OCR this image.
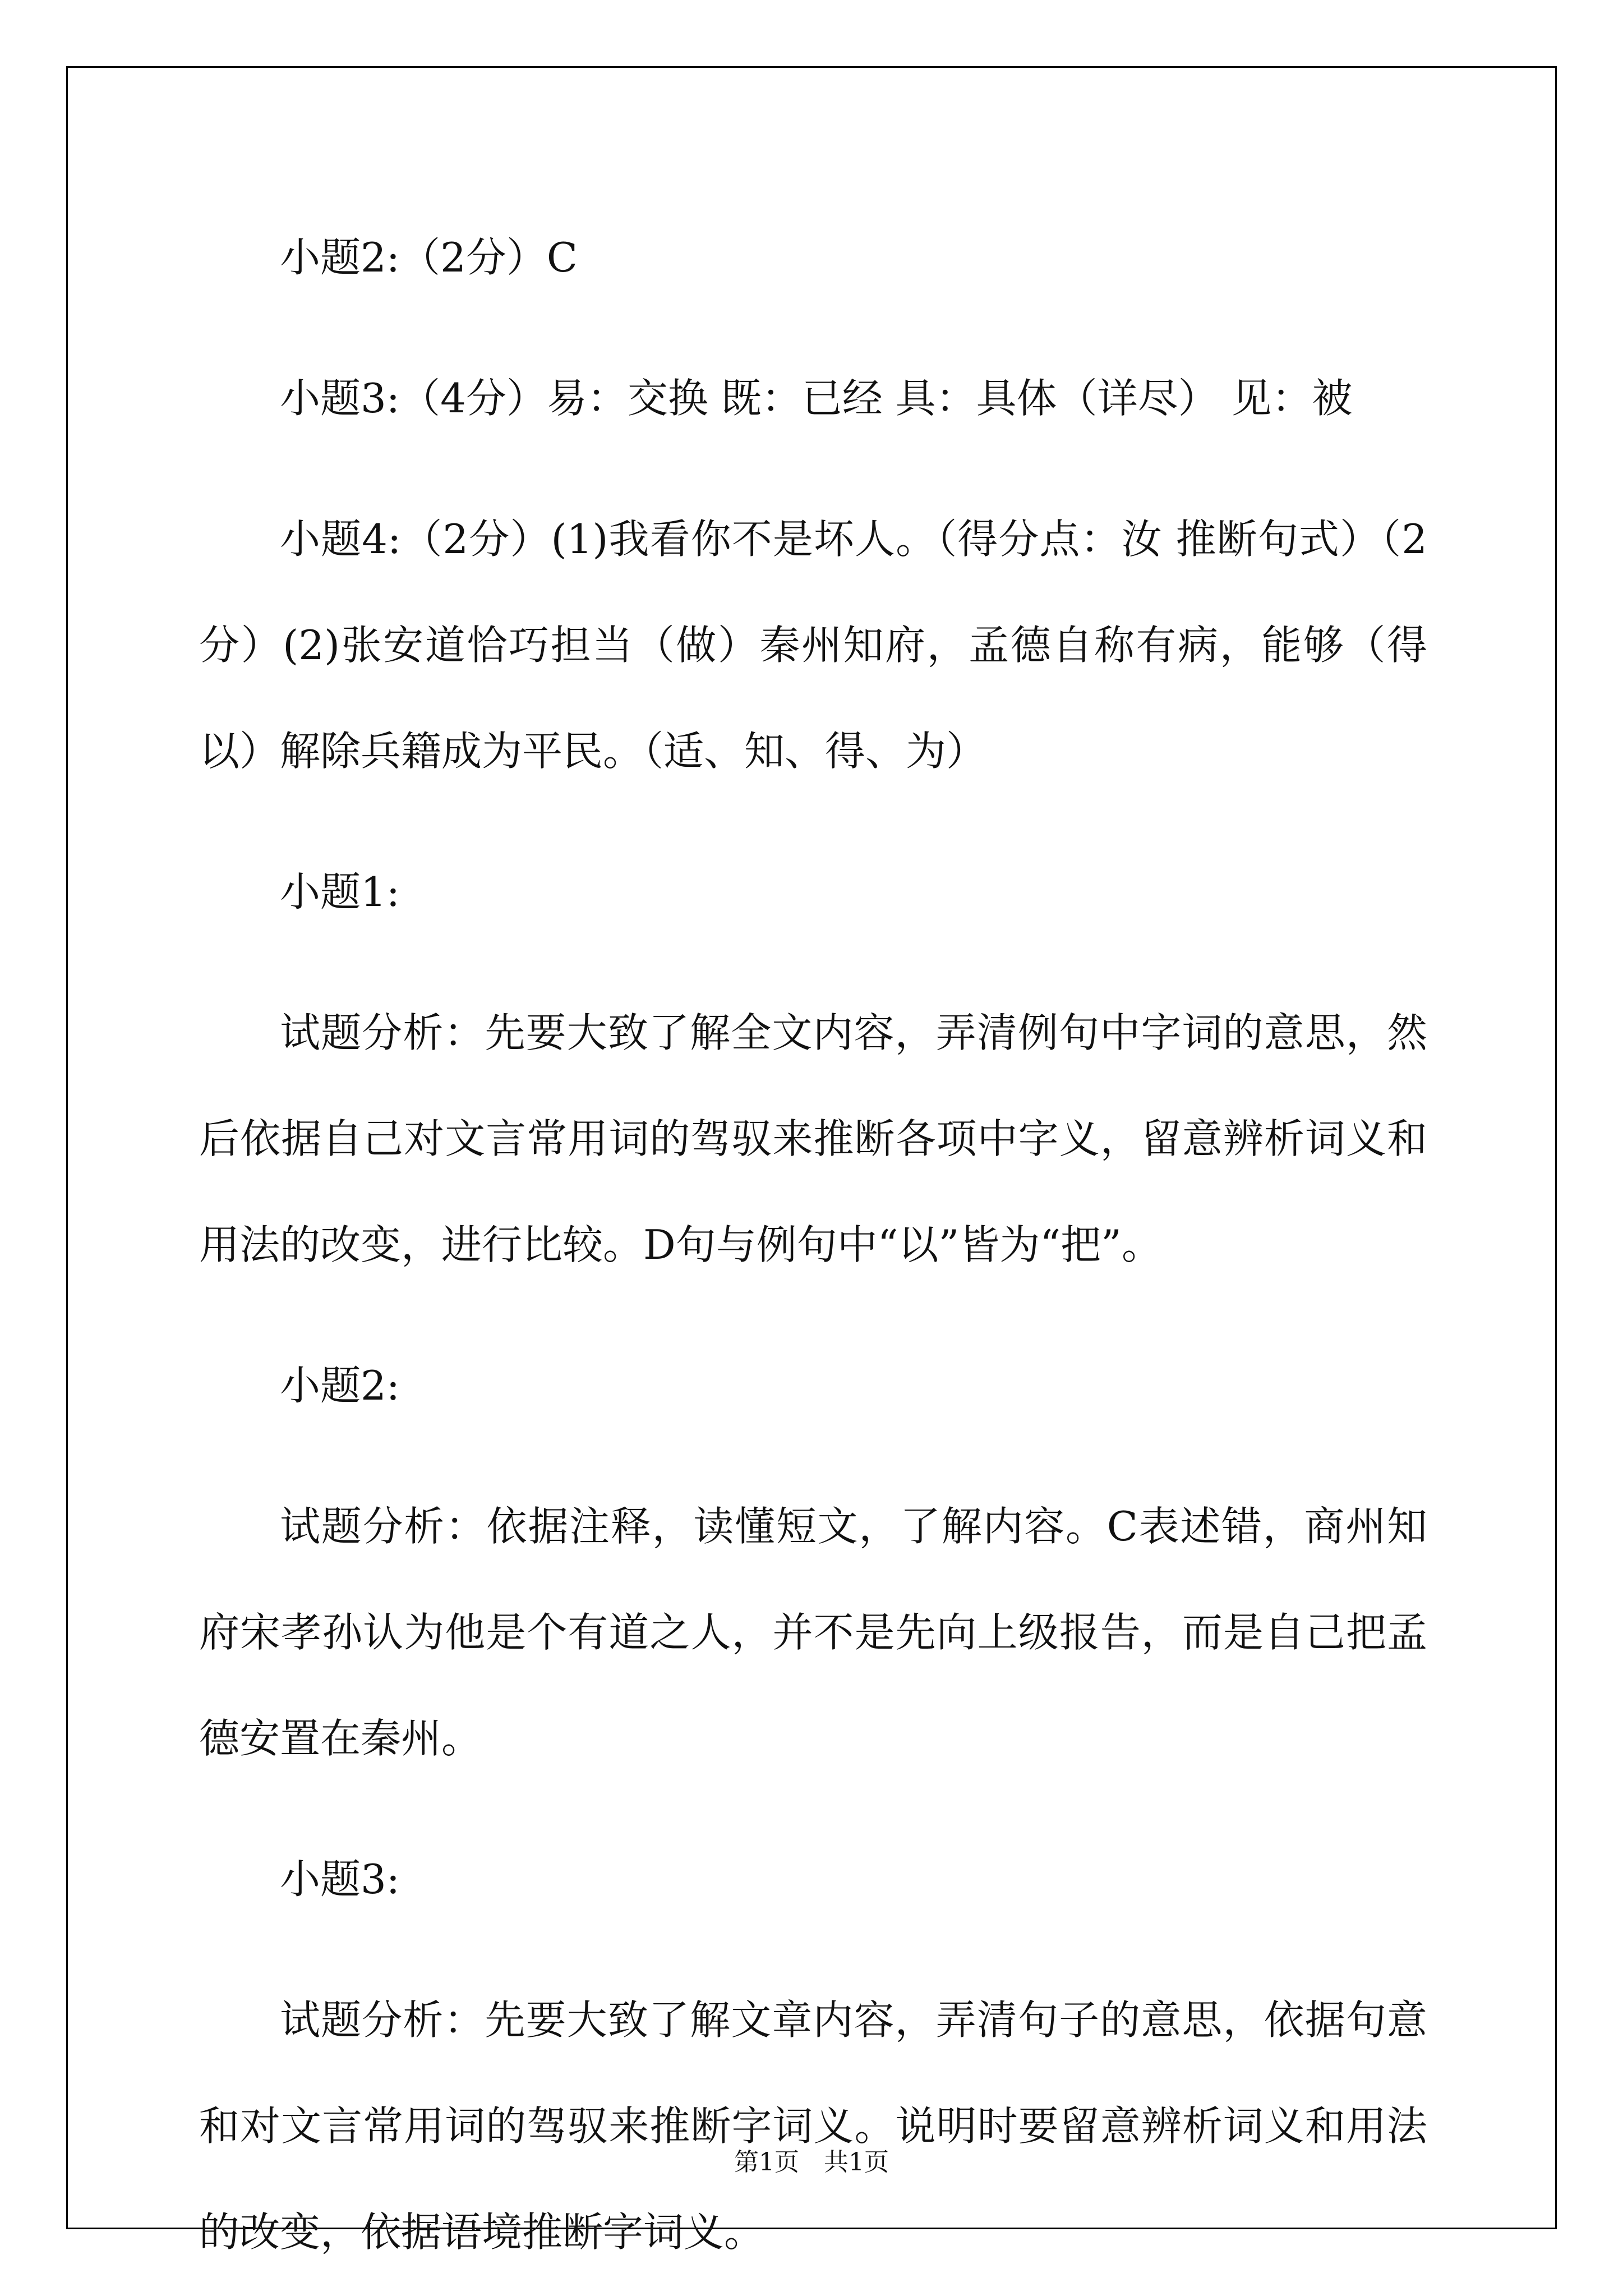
小题2:（2分）C

小题3:（4分）易：交换 既：已经 具：具体（详尽） 见：被

小题4:（2分）(1)我看你不是坏人。（得分点：汝 推断句式）（2分）(2)张安道恰巧担当（做）秦州知府，孟德自称有病，能够（得以）解除兵籍成为平民。（适、知、得、为）

小题1:

试题分析：先要大致了解全文内容，弄清例句中字词的意思，然后依据自己对文言常用词的驾驭来推断各项中字义，留意辨析词义和用法的改变，进行比较。D句与例句中“以”皆为“把”。

小题2:

试题分析：依据注释，读懂短文，了解内容。C表述错，商州知府宋孝孙认为他是个有道之人，并不是先向上级报告，而是自己把孟德安置在秦州。

小题3:

试题分析：先要大致了解文章内容，弄清句子的意思，依据句意和对文言常用词的驾驭来推断字词义。说明时要留意辨析词义和用法的改变，依据语境推断字词义。

第1页 共1页
